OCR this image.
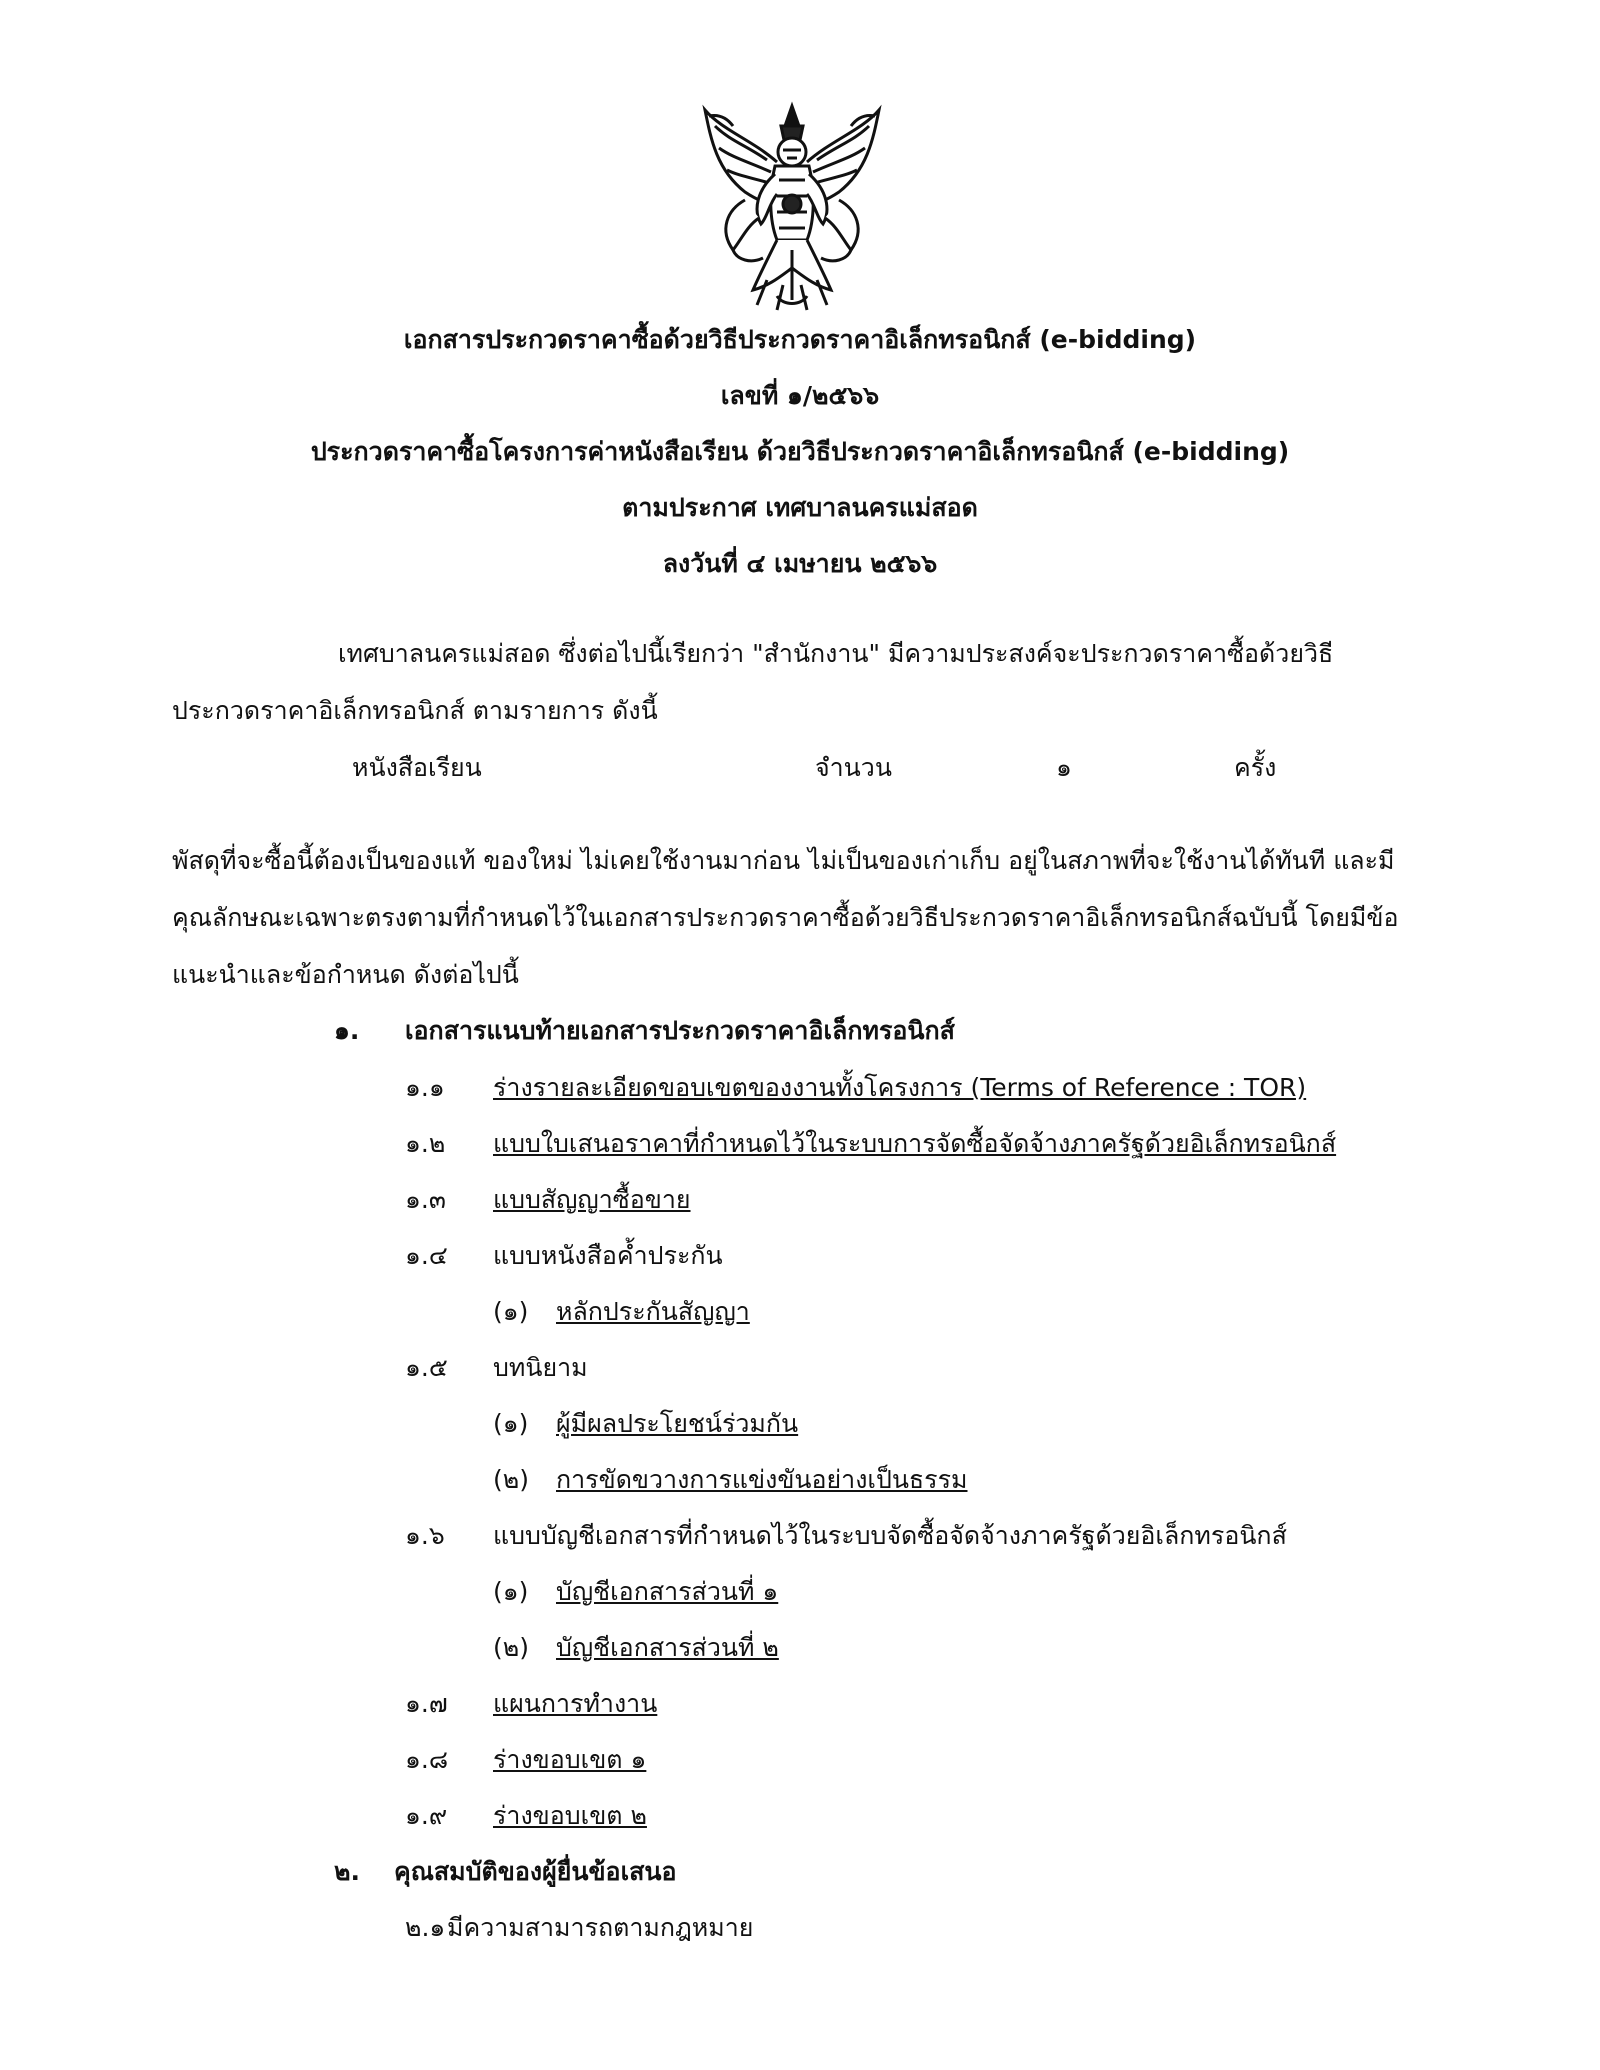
เอกสารประกวดราคาซื้อด้วยวิธีประกวดราคาอิเล็กทรอนิกส์ (e-bidding)
เลขที่ ๑/๒๕๖๖
ประกวดราคาซื้อโครงการค่าหนังสือเรียน ด้วยวิธีประกวดราคาอิเล็กทรอนิกส์ (e-bidding)
ตามประกาศ เทศบาลนครแม่สอด
ลงวันที่ ๔ เมษายน ๒๕๖๖
เทศบาลนครแม่สอด ซึ่งต่อไปนี้เรียกว่า "สำนักงาน" มีความประสงค์จะประกวดราคาซื้อด้วยวิธี
ประกวดราคาอิเล็กทรอนิกส์ ตามรายการ ดังนี้
หนังสือเรียน	จำนวน	๑	ครั้ง
พัสดุที่จะซื้อนี้ต้องเป็นของแท้ ของใหม่ ไม่เคยใช้งานมาก่อน ไม่เป็นของเก่าเก็บ อยู่ในสภาพที่จะใช้งานได้ทันที และมี
คุณลักษณะเฉพาะตรงตามที่กำหนดไว้ในเอกสารประกวดราคาซื้อด้วยวิธีประกวดราคาอิเล็กทรอนิกส์ฉบับนี้ โดยมีข้อ
แนะนำและข้อกำหนด ดังต่อไปนี้
๑. เอกสารแนบท้ายเอกสารประกวดราคาอิเล็กทรอนิกส์
๑.๑ ร่างรายละเอียดขอบเขตของงานทั้งโครงการ (Terms of Reference : TOR)
๑.๒ แบบใบเสนอราคาที่กำหนดไว้ในระบบการจัดซื้อจัดจ้างภาครัฐด้วยอิเล็กทรอนิกส์
๑.๓ แบบสัญญาซื้อขาย
๑.๔ แบบหนังสือค้ำประกัน
(๑) หลักประกันสัญญา
๑.๕ บทนิยาม
(๑) ผู้มีผลประโยชน์ร่วมกัน
(๒) การขัดขวางการแข่งขันอย่างเป็นธรรม
๑.๖ แบบบัญชีเอกสารที่กำหนดไว้ในระบบจัดซื้อจัดจ้างภาครัฐด้วยอิเล็กทรอนิกส์
(๑) บัญชีเอกสารส่วนที่ ๑
(๒) บัญชีเอกสารส่วนที่ ๒
๑.๗ แผนการทำงาน
๑.๘ ร่างขอบเขต ๑
๑.๙ ร่างขอบเขต ๒
๒. คุณสมบัติของผู้ยื่นข้อเสนอ
๒.๑ มีความสามารถตามกฎหมาย
